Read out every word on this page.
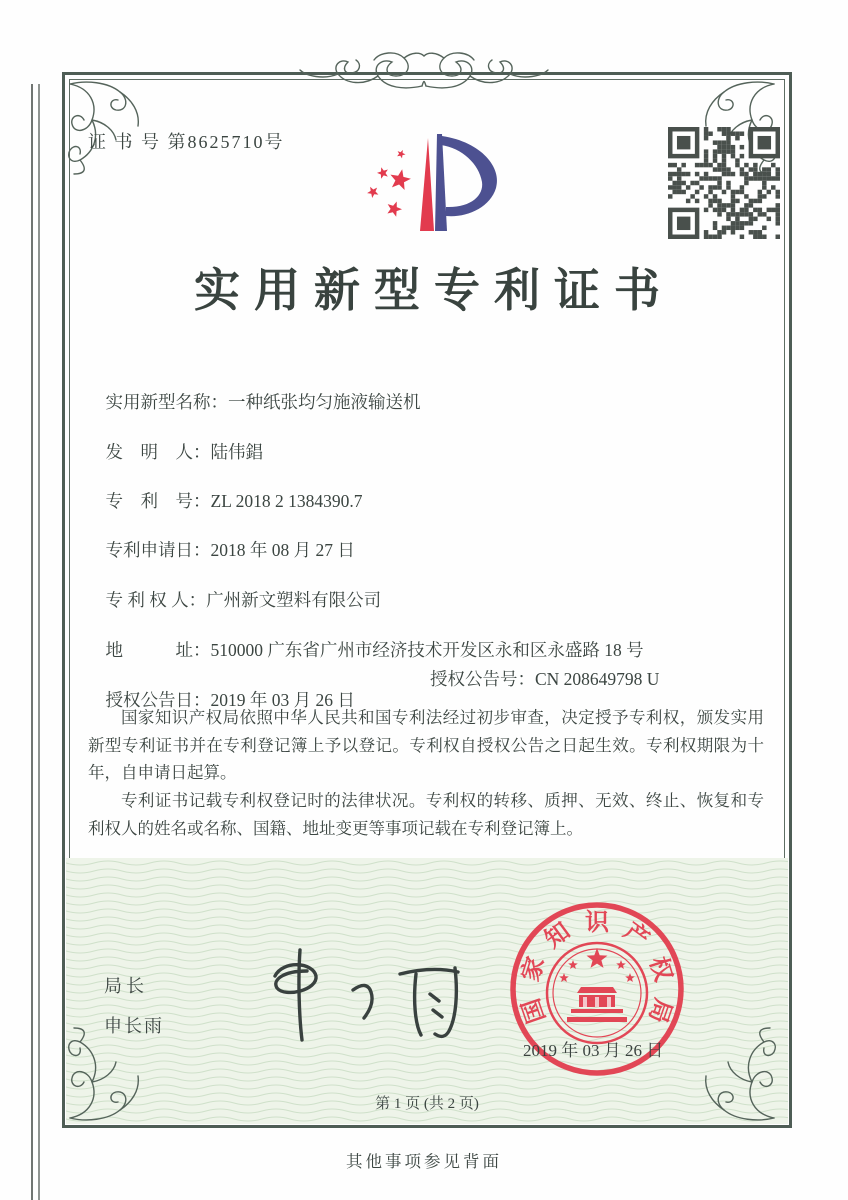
证 书 号 第8625710号
实用新型专利证书

实用新型名称：一种纸张均匀施液输送机

发　明　人：陆伟錩

专　利　号：ZL 2018 2 1384390.7

专利申请日：2018 年 08 月 27 日

专 利 权 人：广州新文塑料有限公司

地　　　址：510000 广东省广州市经济技术开发区永和区永盛路 18 号

授权公告日：2019 年 03 月 26 日

授权公告号：CN 208649798 U

国家知识产权局依照中华人民共和国专利法经过初步审查，决定授予专利权，颁发实用新型专利证书并在专利登记簿上予以登记。专利权自授权公告之日起生效。专利权期限为十年，自申请日起算。

专利证书记载专利权登记时的法律状况。专利权的转移、质押、无效、终止、恢复和专利权人的姓名或名称、国籍、地址变更等事项记载在专利登记簿上。

局长
申长雨	国
家
知 识 产
权
局
2019 年 03 月 26 日
第 1 页 (共 2 页)
其他事项参见背面
